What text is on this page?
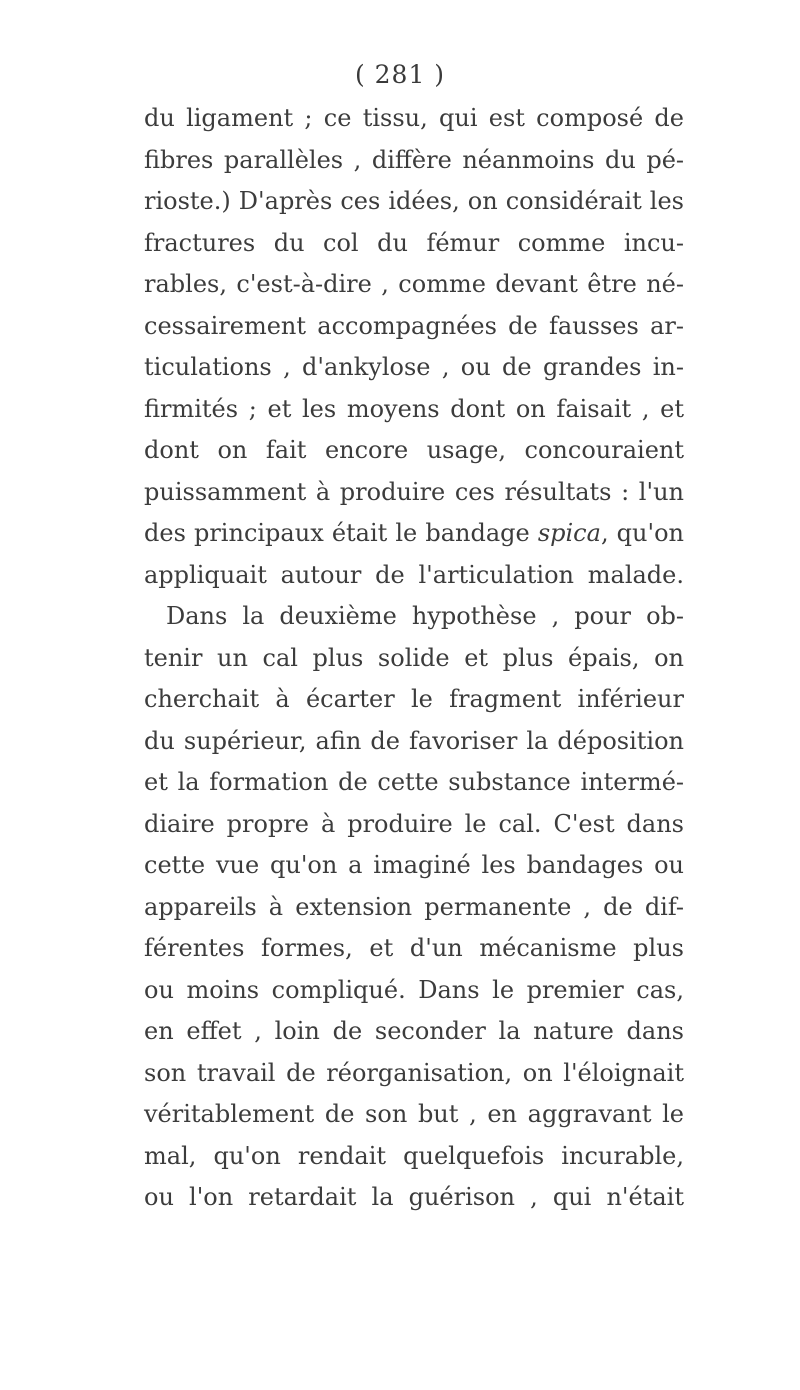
( 281 )
du ligament ; ce tissu, qui est composé de
fibres parallèles , diffère néanmoins du pé-
rioste.) D'après ces idées, on considérait les
fractures du col du fémur comme incu-
rables, c'est-à-dire , comme devant être né-
cessairement accompagnées de fausses ar-
ticulations , d'ankylose , ou de grandes in-
firmités ; et les moyens dont on faisait , et
dont on fait encore usage, concouraient
puissamment à produire ces résultats : l'un
des principaux était le bandage spica, qu'on
appliquait autour de l'articulation malade.
Dans la deuxième hypothèse , pour ob-
tenir un cal plus solide et plus épais, on
cherchait à écarter le fragment inférieur
du supérieur, afin de favoriser la déposition
et la formation de cette substance intermé-
diaire propre à produire le cal. C'est dans
cette vue qu'on a imaginé les bandages ou
appareils à extension permanente , de dif-
férentes formes, et d'un mécanisme plus
ou moins compliqué. Dans le premier cas,
en effet , loin de seconder la nature dans
son travail de réorganisation, on l'éloignait
véritablement de son but , en aggravant le
mal, qu'on rendait quelquefois incurable,
ou l'on retardait la guérison , qui n'était
